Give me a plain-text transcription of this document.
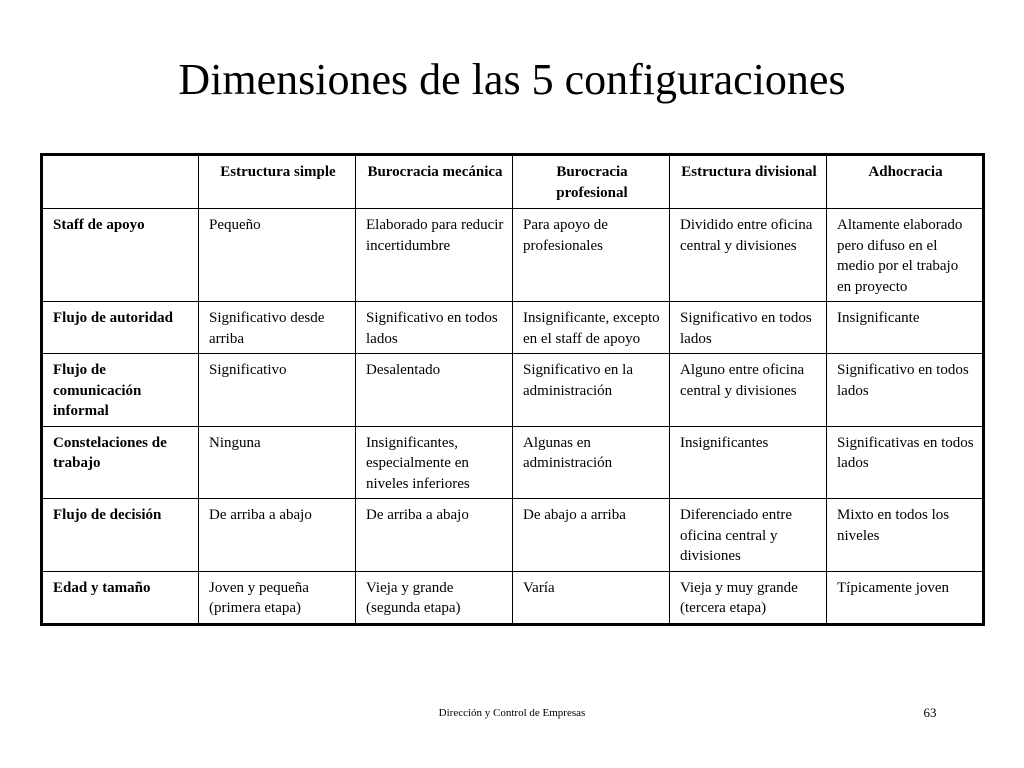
Dimensiones de las 5 configuraciones
	Estructura simple	Burocracia mecánica	Burocracia profesional	Estructura divisional	Adhocracia
Staff de apoyo	Pequeño	Elaborado para reducir incertidumbre	Para apoyo de profesionales	Dividido entre oficina central y divisiones	Altamente elaborado pero difuso en el medio por el trabajo en proyecto
Flujo de autoridad	Significativo desde arriba	Significativo en todos lados	Insignificante, excepto en el staff de apoyo	Significativo en todos lados	Insignificante
Flujo de comunicación informal	Significativo	Desalentado	Significativo en la administración	Alguno entre oficina central y divisiones	Significativo en todos lados
Constelaciones de trabajo	Ninguna	Insignificantes, especialmente en niveles inferiores	Algunas en administración	Insignificantes	Significativas en todos lados
Flujo de decisión	De arriba a abajo	De arriba a abajo	De abajo a arriba	Diferenciado entre oficina central y divisiones	Mixto en todos los niveles
Edad y tamaño	Joven y pequeña (primera etapa)	Vieja y grande (segunda etapa)	Varía	Vieja y muy grande (tercera etapa)	Típicamente joven
Dirección y Control de Empresas	63
